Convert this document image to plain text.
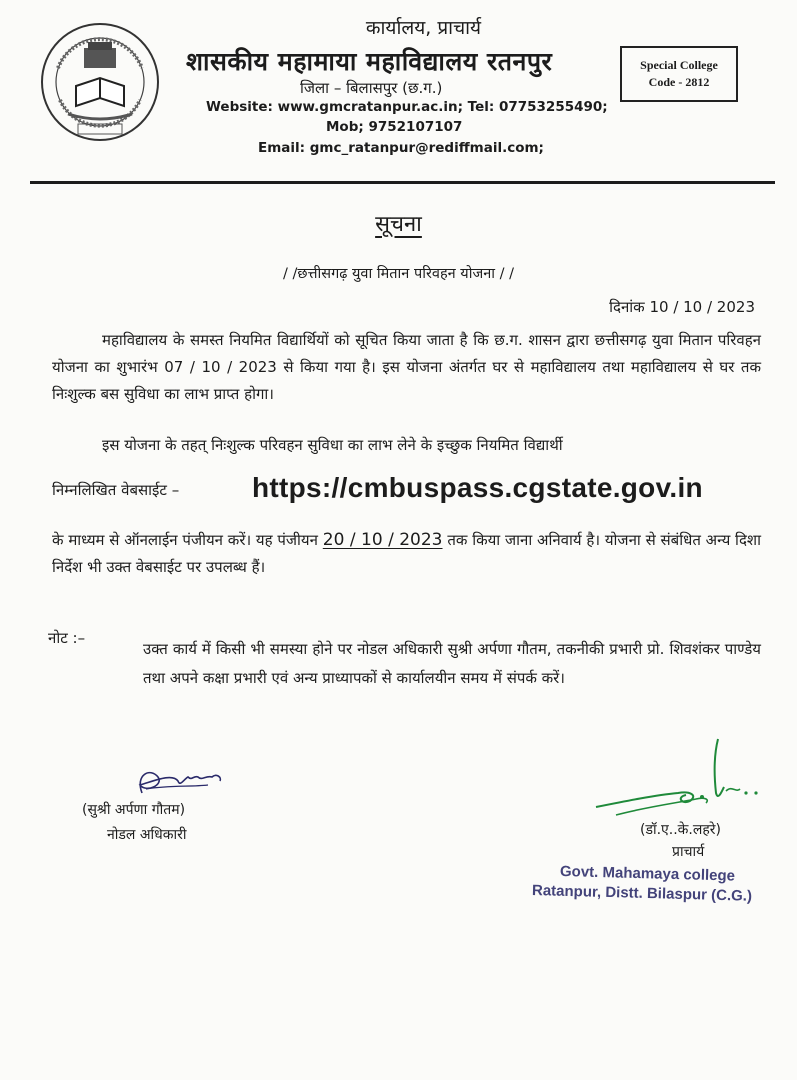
कार्यालय, प्राचार्य
शासकीय महामाया महाविद्यालय रतनपुर
जिला – बिलासपुर (छ.ग.)
Website: www.gmcratanpur.ac.in; Tel: 07753255490;
Mob; 9752107107
Email: gmc_ratanpur@rediffmail.com;
Special College
Code - 2812
सूचना
/ /छत्तीसगढ़ युवा मितान परिवहन योजना / /
दिनांक 10 / 10 / 2023
महाविद्यालय के समस्त नियमित विद्यार्थियों को सूचित किया जाता है कि छ.ग. शासन द्वारा छत्तीसगढ़ युवा मितान परिवहन योजना का शुभारंभ 07 / 10 / 2023 से किया गया है। इस योजना अंतर्गत घर से महाविद्यालय तथा महाविद्यालय से घर तक निःशुल्क बस सुविधा का लाभ प्राप्त होगा।
इस योजना के तहत् निःशुल्क परिवहन सुविधा का लाभ लेने के इच्छुक नियमित विद्यार्थी
निम्नलिखित वेबसाईट –	https://cmbuspass.cgstate.gov.in
के माध्यम से ऑनलाईन पंजीयन करें। यह पंजीयन 20 / 10 / 2023 तक किया जाना अनिवार्य है। योजना से संबंधित अन्य दिशा निर्देश भी उक्त वेबसाईट पर उपलब्ध हैं।
नोट :–
उक्त कार्य में किसी भी समस्या होने पर नोडल अधिकारी सुश्री अर्पणा गौतम, तकनीकी प्रभारी प्रो. शिवशंकर पाण्डेय तथा अपने कक्षा प्रभारी एवं अन्य प्राध्यापकों से कार्यालयीन समय में संपर्क करें।
(सुश्री अर्पणा गौतम)
नोडल अधिकारी	(डॉ.ए..के.लहरे)
प्राचार्य
Govt. Mahamaya college
Ratanpur, Distt. Bilaspur (C.G.)
